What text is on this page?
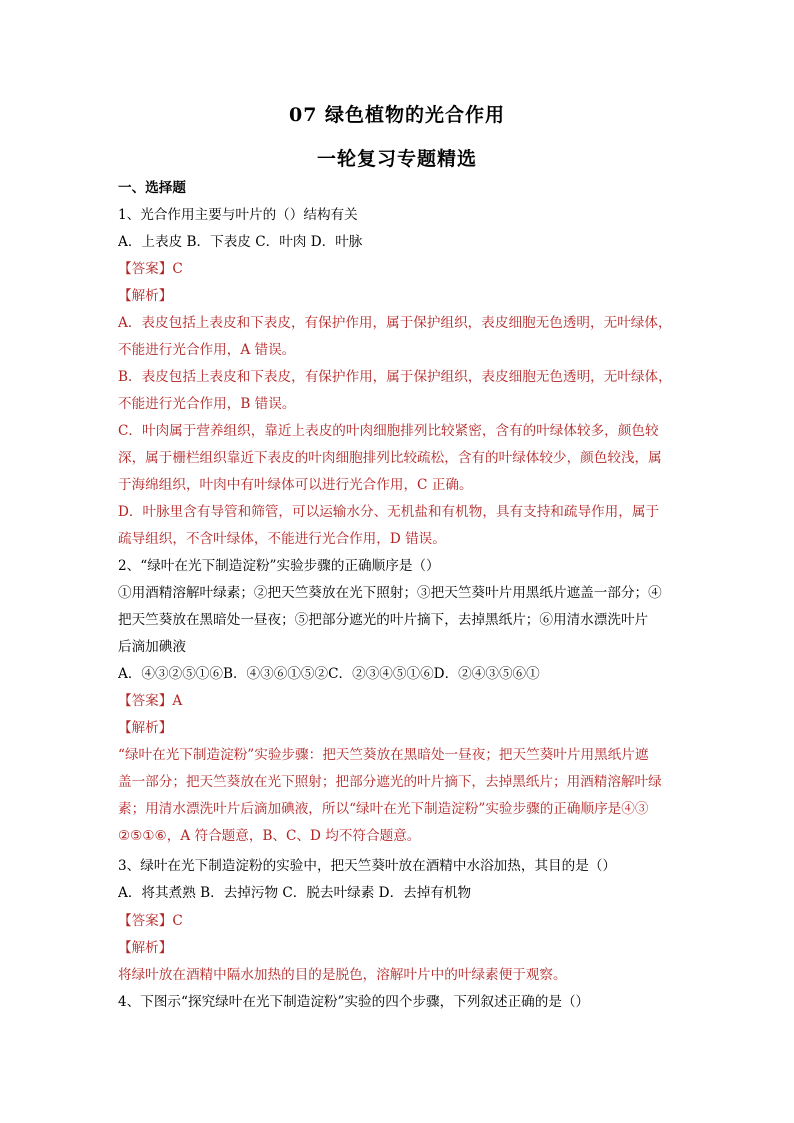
07 绿色植物的光合作用
一轮复习专题精选
一、选择题
1、光合作用主要与叶片的（）结构有关
A．上表皮 B．下表皮 C．叶肉 D．叶脉
【答案】C
【解析】
A．表皮包括上表皮和下表皮，有保护作用，属于保护组织，表皮细胞无色透明，无叶绿体，
不能进行光合作用，A 错误。
B．表皮包括上表皮和下表皮，有保护作用，属于保护组织，表皮细胞无色透明，无叶绿体，
不能进行光合作用，B 错误。
C．叶肉属于营养组织，靠近上表皮的叶肉细胞排列比较紧密，含有的叶绿体较多，颜色较
深，属于栅栏组织靠近下表皮的叶肉细胞排列比较疏松，含有的叶绿体较少，颜色较浅，属
于海绵组织，叶肉中有叶绿体可以进行光合作用，C 正确。
D．叶脉里含有导管和筛管，可以运输水分、无机盐和有机物，具有支持和疏导作用，属于
疏导组织，不含叶绿体，不能进行光合作用，D 错误。
2、“绿叶在光下制造淀粉”实验步骤的正确顺序是（）
①用酒精溶解叶绿素；②把天竺葵放在光下照射；③把天竺葵叶片用黑纸片遮盖一部分；④
把天竺葵放在黑暗处一昼夜；⑤把部分遮光的叶片摘下，去掉黑纸片；⑥用清水漂洗叶片
后滴加碘液
A．④③②⑤①⑥B．④③⑥①⑤②C．②③④⑤①⑥D．②④③⑤⑥①
【答案】A
【解析】
“绿叶在光下制造淀粉”实验步骤：把天竺葵放在黑暗处一昼夜；把天竺葵叶片用黑纸片遮
盖一部分；把天竺葵放在光下照射；把部分遮光的叶片摘下，去掉黑纸片；用酒精溶解叶绿
素；用清水漂洗叶片后滴加碘液，所以“绿叶在光下制造淀粉”实验步骤的正确顺序是④③
②⑤①⑥，A 符合题意，B、C、D 均不符合题意。
3、绿叶在光下制造淀粉的实验中，把天竺葵叶放在酒精中水浴加热，其目的是（）
A．将其煮熟 B．去掉污物 C．脱去叶绿素 D．去掉有机物
【答案】C
【解析】
将绿叶放在酒精中隔水加热的目的是脱色，溶解叶片中的叶绿素便于观察。
4、下图示“探究绿叶在光下制造淀粉”实验的四个步骤，下列叙述正确的是（）
